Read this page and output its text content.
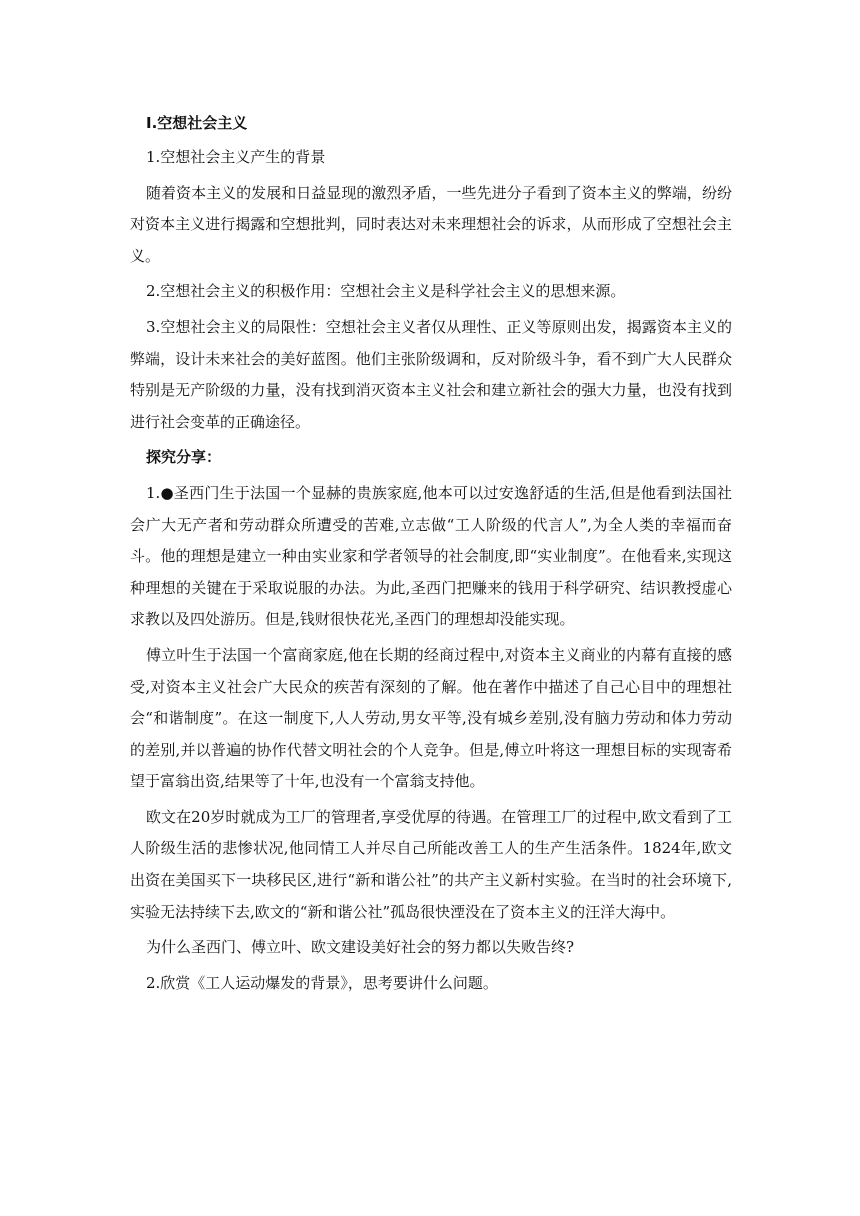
Ⅰ.空想社会主义

1.空想社会主义产生的背景

随着资本主义的发展和日益显现的激烈矛盾，一些先进分子看到了资本主义的弊端，纷纷对资本主义进行揭露和空想批判，同时表达对未来理想社会的诉求，从而形成了空想社会主义。

2.空想社会主义的积极作用：空想社会主义是科学社会主义的思想来源。

3.空想社会主义的局限性：空想社会主义者仅从理性、正义等原则出发，揭露资本主义的弊端，设计未来社会的美好蓝图。他们主张阶级调和，反对阶级斗争，看不到广大人民群众特别是无产阶级的力量，没有找到消灭资本主义社会和建立新社会的强大力量，也没有找到进行社会变革的正确途径。

探究分享：

1.●圣西门生于法国一个显赫的贵族家庭,他本可以过安逸舒适的生活,但是他看到法国社会广大无产者和劳动群众所遭受的苦难,立志做“工人阶级的代言人”,为全人类的幸福而奋斗。他的理想是建立一种由实业家和学者领导的社会制度,即“实业制度”。在他看来,实现这种理想的关键在于采取说服的办法。为此,圣西门把赚来的钱用于科学研究、结识教授虚心求教以及四处游历。但是,钱财很快花光,圣西门的理想却没能实现。

傅立叶生于法国一个富商家庭,他在长期的经商过程中,对资本主义商业的内幕有直接的感受,对资本主义社会广大民众的疾苦有深刻的了解。他在著作中描述了自己心目中的理想社会“和谐制度”。在这一制度下,人人劳动,男女平等,没有城乡差别,没有脑力劳动和体力劳动的差别,并以普遍的协作代替文明社会的个人竞争。但是,傅立叶将这一理想目标的实现寄希望于富翁出资,结果等了十年,也没有一个富翁支持他。

欧文在20岁时就成为工厂的管理者,享受优厚的待遇。在管理工厂的过程中,欧文看到了工人阶级生活的悲惨状况,他同情工人并尽自己所能改善工人的生产生活条件。1824年,欧文出资在美国买下一块移民区,进行“新和谐公社”的共产主义新村实验。在当时的社会环境下,实验无法持续下去,欧文的“新和谐公社”孤岛很快湮没在了资本主义的汪洋大海中。

为什么圣西门、傅立叶、欧文建设美好社会的努力都以失败告终?

2.欣赏《工人运动爆发的背景》，思考要讲什么问题。
